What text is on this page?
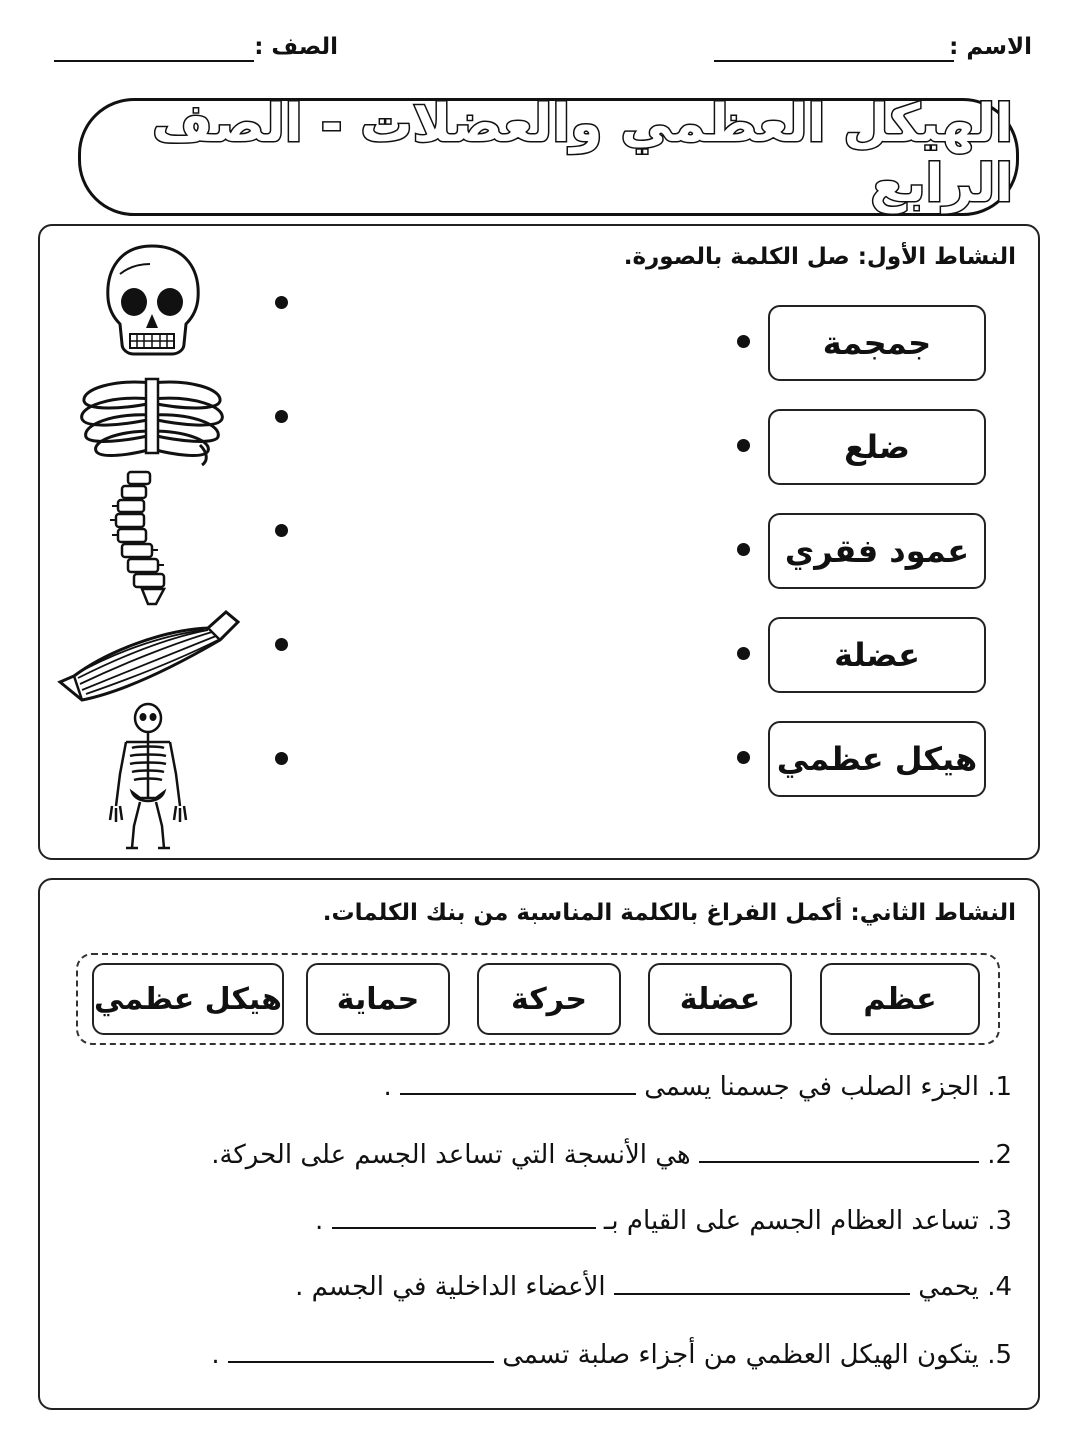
الاسم :
الصف :
الهيكل العظمي والعضلات - الصف الرابع
النشاط الأول: صل الكلمة بالصورة.
جمجمة
ضلع
عمود فقري
عضلة
هيكل عظمي
النشاط الثاني: أكمل الفراغ بالكلمة المناسبة من بنك الكلمات.
عظم
عضلة
حركة
حماية
هيكل عظمي
1. الجزء الصلب في جسمنا يسمى  .
2.  هي الأنسجة التي تساعد الجسم على الحركة.
3. تساعد العظام الجسم على القيام بـ  .
4. يحمي  الأعضاء الداخلية في الجسم .
5. يتكون الهيكل العظمي من أجزاء صلبة تسمى  .
